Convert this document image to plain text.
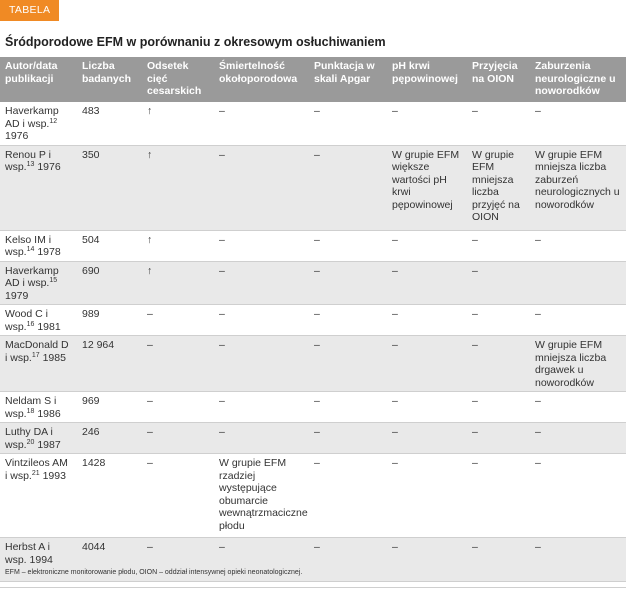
TABELA
Śródporodowe EFM w porównaniu z okresowym osłuchiwaniem
Autor/data publikacji	Liczba badanych	Odsetek cięć cesarskich	Śmiertelność okołoporodowa	Punktacja w skali Apgar	pH krwi pępowinowej	Przyjęcia na OION	Zaburzenia neurologiczne u noworodków
Haverkamp AD i wsp.$^{12}$ 1976	483	↑	–	–	–	–	–
Renou P i wsp.$^{13}$ 1976	350	↑	–	–	W grupie EFM większe wartości pH krwi pępowinowej	W grupie EFM mniejsza liczba przyjęć na OION	W grupie EFM mniejsza liczba zaburzeń neurologicznych u noworodków
Kelso IM i wsp.$^{14}$ 1978	504	↑	–	–	–	–	–
Haverkamp AD i wsp.$^{15}$ 1979	690	↑	–	–	–	–	
Wood C i wsp.$^{16}$ 1981	989	–	–	–	–	–	–
MacDonald D i wsp.$^{17}$ 1985	12 964	–	–	–	–	–	W grupie EFM mniejsza liczba drgawek u noworodków
Neldam S i wsp.$^{18}$ 1986	969	–	–	–	–	–	–
Luthy DA i wsp.$^{20}$ 1987	246	–	–	–	–	–	–
Vintzileos AM i wsp.$^{21}$ 1993	1428	–	W grupie EFM rzadziej występujące obumarcie wewnątrzmaciczne płodu	–	–	–	–
Herbst A i wsp. 1994	4044	–	–	–	–	–	–
EFM – elektroniczne monitorowanie płodu, OION – oddział intensywnej opieki neonatologicznej.
